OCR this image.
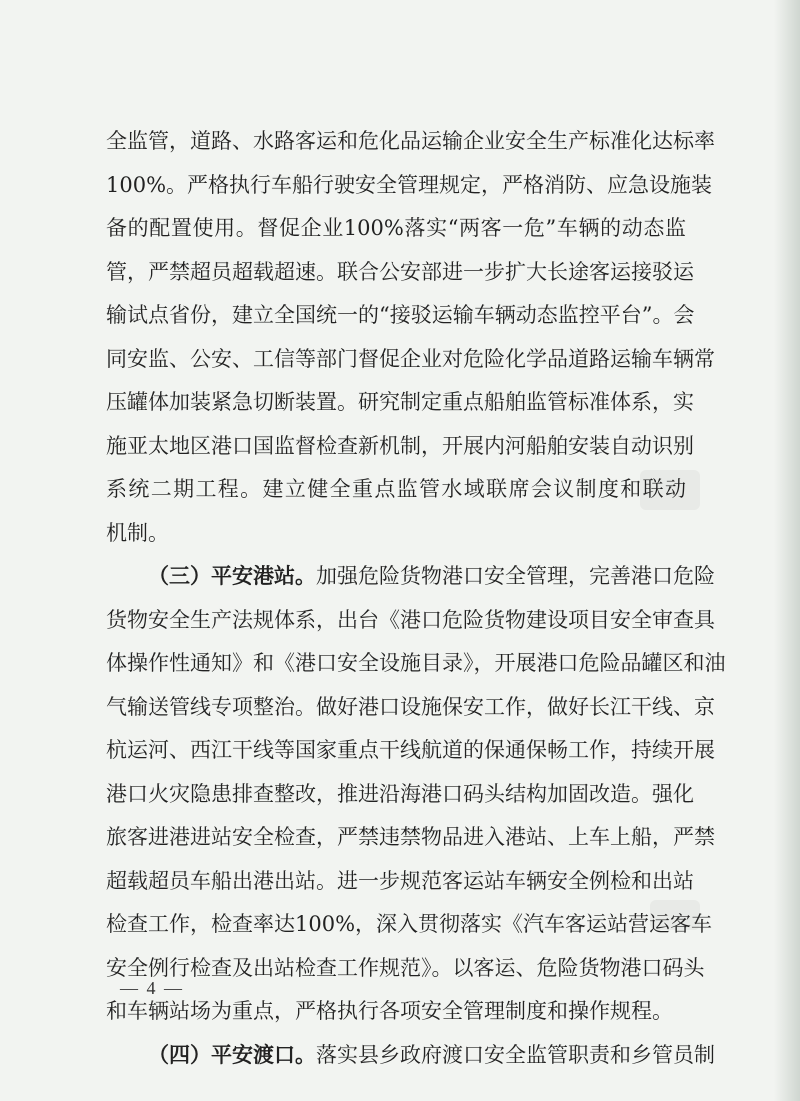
全监管，道路、水路客运和危化品运输企业安全生产标准化达标率
100%。严格执行车船行驶安全管理规定，严格消防、应急设施装
备的配置使用。督促企业100%落实“两客一危”车辆的动态监
管，严禁超员超载超速。联合公安部进一步扩大长途客运接驳运
输试点省份，建立全国统一的“接驳运输车辆动态监控平台”。会
同安监、公安、工信等部门督促企业对危险化学品道路运输车辆常
压罐体加装紧急切断装置。研究制定重点船舶监管标准体系，实
施亚太地区港口国监督检查新机制，开展内河船舶安装自动识别
系统二期工程。建立健全重点监管水域联席会议制度和联动
机制。
（三）平安港站。加强危险货物港口安全管理，完善港口危险
货物安全生产法规体系，出台《港口危险货物建设项目安全审查具
体操作性通知》和《港口安全设施目录》，开展港口危险品罐区和油
气输送管线专项整治。做好港口设施保安工作，做好长江干线、京
杭运河、西江干线等国家重点干线航道的保通保畅工作，持续开展
港口火灾隐患排查整改，推进沿海港口码头结构加固改造。强化
旅客进港进站安全检查，严禁违禁物品进入港站、上车上船，严禁
超载超员车船出港出站。进一步规范客运站车辆安全例检和出站
检查工作，检查率达100%，深入贯彻落实《汽车客运站营运客车
安全例行检查及出站检查工作规范》。以客运、危险货物港口码头
和车辆站场为重点，严格执行各项安全管理制度和操作规程。
（四）平安渡口。落实县乡政府渡口安全监管职责和乡管员制
— 4 —
